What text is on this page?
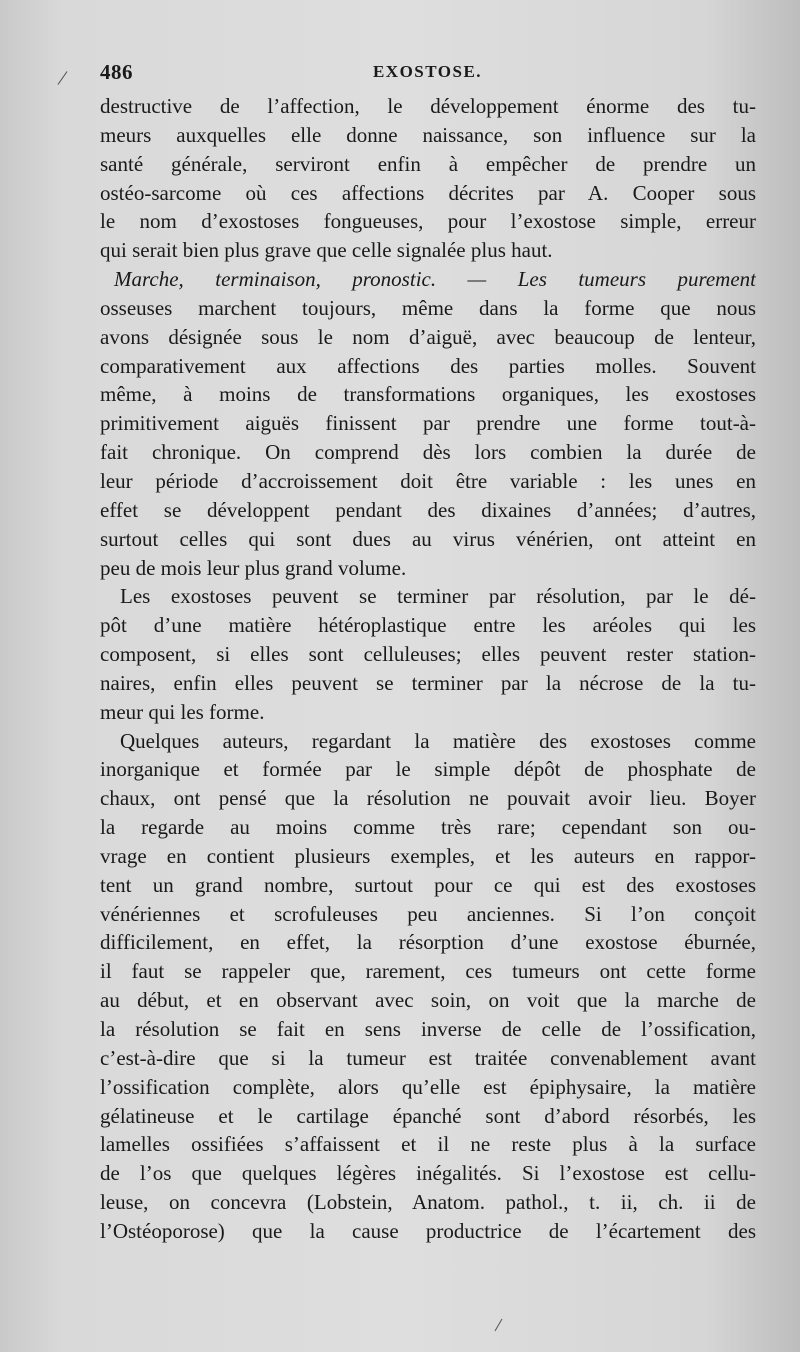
486	EXOSTOSE.
destructive de l’affection, le développement énorme des tu-
meurs auxquelles elle donne naissance, son influence sur la
santé générale, serviront enfin à empêcher de prendre un
ostéo-sarcome où ces affections décrites par A. Cooper sous
le nom d’exostoses fongueuses, pour l’exostose simple, erreur
qui serait bien plus grave que celle signalée plus haut.
Marche, terminaison, pronostic. — Les tumeurs purement
osseuses marchent toujours, même dans la forme que nous
avons désignée sous le nom d’aiguë, avec beaucoup de lenteur,
comparativement aux affections des parties molles. Souvent
même, à moins de transformations organiques, les exostoses
primitivement aiguës finissent par prendre une forme tout-à-
fait chronique. On comprend dès lors combien la durée de
leur période d’accroissement doit être variable : les unes en
effet se développent pendant des dixaines d’années; d’autres,
surtout celles qui sont dues au virus vénérien, ont atteint en
peu de mois leur plus grand volume.
Les exostoses peuvent se terminer par résolution, par le dé-
pôt d’une matière hétéroplastique entre les aréoles qui les
composent, si elles sont celluleuses; elles peuvent rester station-
naires, enfin elles peuvent se terminer par la nécrose de la tu-
meur qui les forme.
Quelques auteurs, regardant la matière des exostoses comme
inorganique et formée par le simple dépôt de phosphate de
chaux, ont pensé que la résolution ne pouvait avoir lieu. Boyer
la regarde au moins comme très rare; cependant son ou-
vrage en contient plusieurs exemples, et les auteurs en rappor-
tent un grand nombre, surtout pour ce qui est des exostoses
vénériennes et scrofuleuses peu anciennes. Si l’on conçoit
difficilement, en effet, la résorption d’une exostose éburnée,
il faut se rappeler que, rarement, ces tumeurs ont cette forme
au début, et en observant avec soin, on voit que la marche de
la résolution se fait en sens inverse de celle de l’ossification,
c’est-à-dire que si la tumeur est traitée convenablement avant
l’ossification complète, alors qu’elle est épiphysaire, la matière
gélatineuse et le cartilage épanché sont d’abord résorbés, les
lamelles ossifiées s’affaissent et il ne reste plus à la surface
de l’os que quelques légères inégalités. Si l’exostose est cellu-
leuse, on concevra (Lobstein, Anatom. pathol., t. ii, ch. ii de
l’Ostéoporose) que la cause productrice de l’écartement des
